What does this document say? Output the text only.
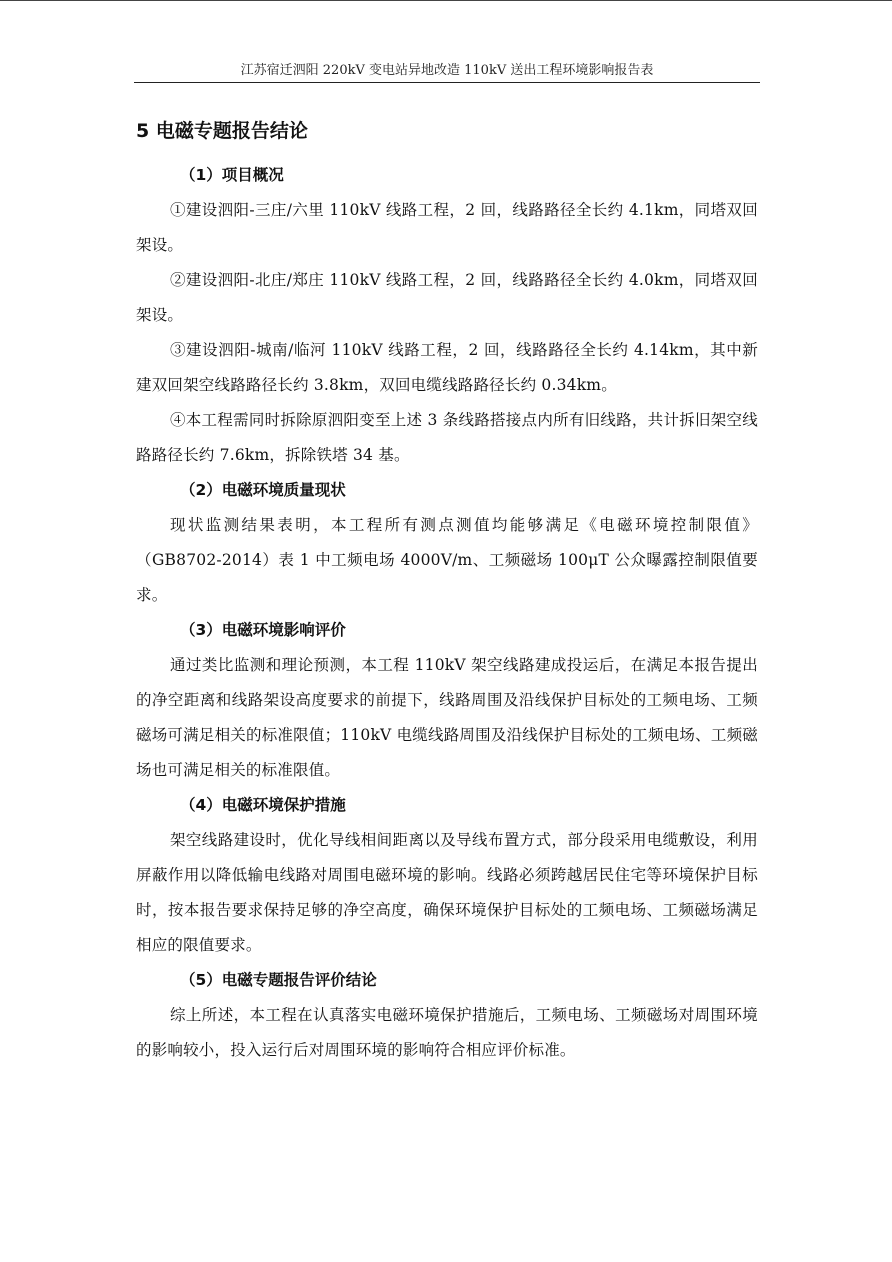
江苏宿迁泗阳 220kV 变电站异地改造 110kV 送出工程环境影响报告表
5 电磁专题报告结论

（1）项目概况

①建设泗阳-三庄/六里 110kV 线路工程，2 回，线路路径全长约 4.1km，同塔双回架设。

②建设泗阳-北庄/郑庄 110kV 线路工程，2 回，线路路径全长约 4.0km，同塔双回架设。

③建设泗阳-城南/临河 110kV 线路工程，2 回，线路路径全长约 4.14km，其中新建双回架空线路路径长约 3.8km，双回电缆线路路径长约 0.34km。

④本工程需同时拆除原泗阳变至上述 3 条线路搭接点内所有旧线路，共计拆旧架空线路路径长约 7.6km，拆除铁塔 34 基。

（2）电磁环境质量现状

现状监测结果表明，本工程所有测点测值均能够满足《电磁环境控制限值》（GB8702-2014）表 1 中工频电场 4000V/m、工频磁场 100μT 公众曝露控制限值要求。

（3）电磁环境影响评价

通过类比监测和理论预测，本工程 110kV 架空线路建成投运后，在满足本报告提出的净空距离和线路架设高度要求的前提下，线路周围及沿线保护目标处的工频电场、工频磁场可满足相关的标准限值；110kV 电缆线路周围及沿线保护目标处的工频电场、工频磁场也可满足相关的标准限值。

（4）电磁环境保护措施

架空线路建设时，优化导线相间距离以及导线布置方式，部分段采用电缆敷设，利用屏蔽作用以降低输电线路对周围电磁环境的影响。线路必须跨越居民住宅等环境保护目标时，按本报告要求保持足够的净空高度，确保环境保护目标处的工频电场、工频磁场满足相应的限值要求。

（5）电磁专题报告评价结论

综上所述，本工程在认真落实电磁环境保护措施后，工频电场、工频磁场对周围环境的影响较小，投入运行后对周围环境的影响符合相应评价标准。
